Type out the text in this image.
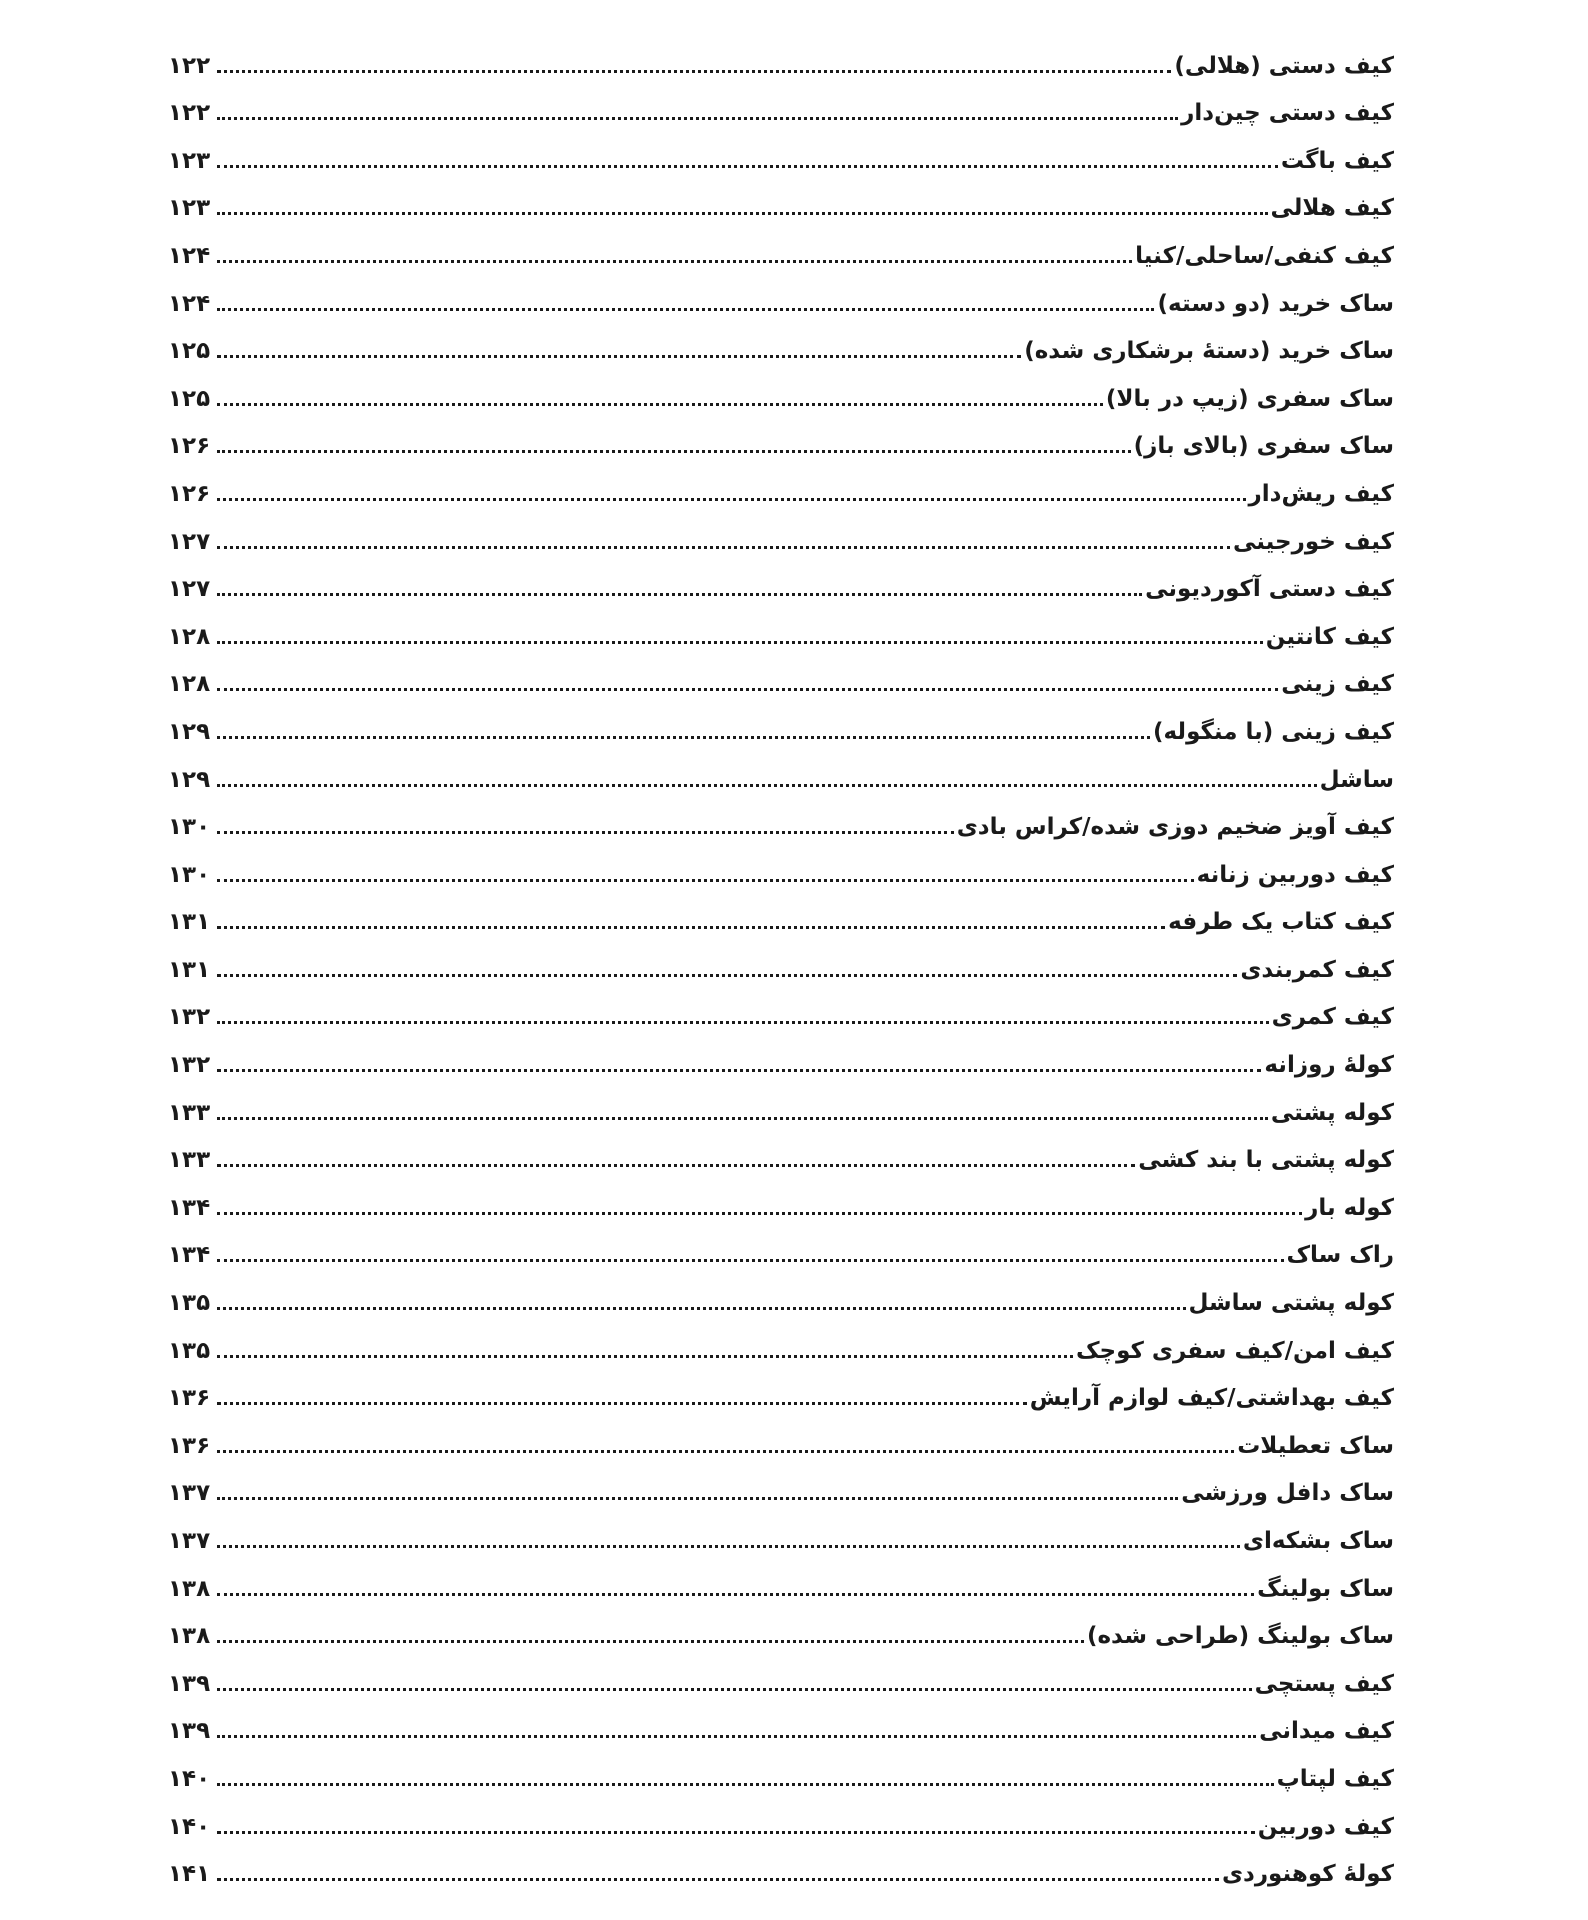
کیف دستی (هلالی)
۱۲۲
کیف دستی چین‌دار
۱۲۲
کیف باگت
۱۲۳
کیف هلالی
۱۲۳
کیف کنفی/ساحلی/کنیا
۱۲۴
ساک خرید (دو دسته)
۱۲۴
ساک خرید (دستهٔ برشکاری شده)
۱۲۵
ساک سفری (زیپ در بالا)
۱۲۵
ساک سفری (بالای باز)
۱۲۶
کیف ریش‌دار
۱۲۶
کیف خورجینی
۱۲۷
کیف دستی آکوردیونی
۱۲۷
کیف کانتین
۱۲۸
کیف زینی
۱۲۸
کیف زینی (با منگوله)
۱۲۹
ساشل
۱۲۹
کیف آویز ضخیم دوزی شده/کراس بادی
۱۳۰
کیف دوربین زنانه
۱۳۰
کیف کتاب یک طرفه
۱۳۱
کیف کمربندی
۱۳۱
کیف کمری
۱۳۲
کولهٔ روزانه
۱۳۲
کوله پشتی
۱۳۳
کوله پشتی با بند کشی
۱۳۳
کوله بار
۱۳۴
راک ساک
۱۳۴
کوله پشتی ساشل
۱۳۵
کیف امن/کیف سفری کوچک
۱۳۵
کیف بهداشتی/کیف لوازم آرایش
۱۳۶
ساک تعطیلات
۱۳۶
ساک دافل ورزشی
۱۳۷
ساک بشکه‌ای
۱۳۷
ساک بولینگ
۱۳۸
ساک بولینگ (طراحی شده)
۱۳۸
کیف پستچی
۱۳۹
کیف میدانی
۱۳۹
کیف لپتاپ
۱۴۰
کیف دوربین
۱۴۰
کولهٔ کوهنوردی
۱۴۱
